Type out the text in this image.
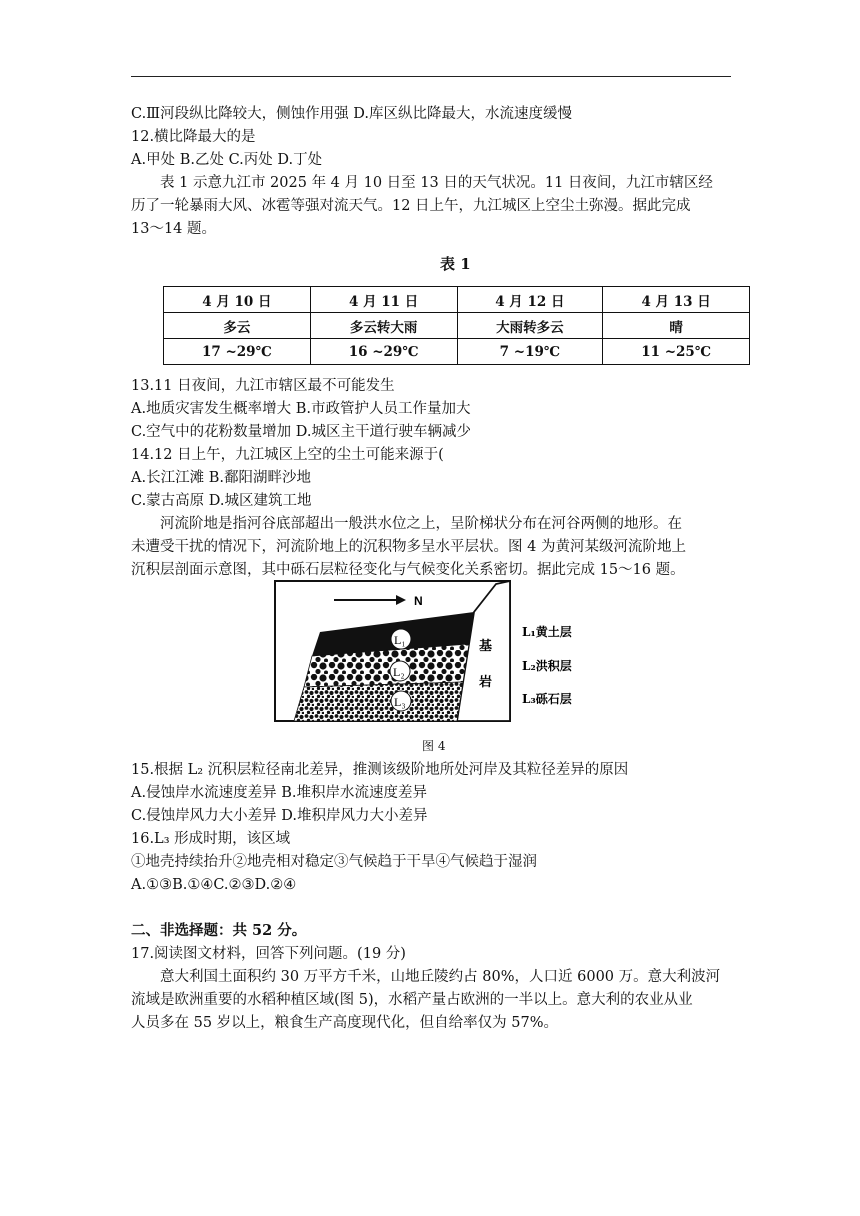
C.Ⅲ河段纵比降较大，侧蚀作用强 D.库区纵比降最大，水流速度缓慢
12.横比降最大的是
A.甲处 B.乙处 C.丙处 D.丁处
表 1 示意九江市 2025 年 4 月 10 日至 13 日的天气状况。11 日夜间，九江市辖区经
历了一轮暴雨大风、冰雹等强对流天气。12 日上午，九江城区上空尘土弥漫。据此完成
13～14 题。
表 1
4 月 10 日	4 月 11 日	4 月 12 日	4 月 13 日
多云	多云转大雨	大雨转多云	晴
17 ~29℃	16 ~29℃	7 ~19℃	11 ~25℃
13.11 日夜间，九江市辖区最不可能发生
A.地质灾害发生概率增大 B.市政管护人员工作量加大
C.空气中的花粉数量增加 D.城区主干道行驶车辆减少
14.12 日上午，九江城区上空的尘土可能来源于(
A.长江江滩 B.鄱阳湖畔沙地
C.蒙古高原 D.城区建筑工地
河流阶地是指河谷底部超出一般洪水位之上，呈阶梯状分布在河谷两侧的地形。在
未遭受干扰的情况下，河流阶地上的沉积物多呈水平层状。图 4 为黄河某级河流阶地上
沉积层剖面示意图，其中砾石层粒径变化与气候变化关系密切。据此完成 15～16 题。
N
L₁
L₂
L₃
基
岩
L₁黄土层
L₂洪积层
L₃砾石层
图 4
15.根据 L₂ 沉积层粒径南北差异，推测该级阶地所处河岸及其粒径差异的原因
A.侵蚀岸水流速度差异 B.堆积岸水流速度差异
C.侵蚀岸风力大小差异 D.堆积岸风力大小差异
16.L₃ 形成时期，该区域
①地壳持续抬升②地壳相对稳定③气候趋于干旱④气候趋于湿润
A.①③B.①④C.②③D.②④
二、非选择题：共 52 分。
17.阅读图文材料，回答下列问题。(19 分)
意大利国土面积约 30 万平方千米，山地丘陵约占 80%，人口近 6000 万。意大利波河
流域是欧洲重要的水稻种植区域(图 5)，水稻产量占欧洲的一半以上。意大利的农业从业
人员多在 55 岁以上，粮食生产高度现代化，但自给率仅为 57%。
